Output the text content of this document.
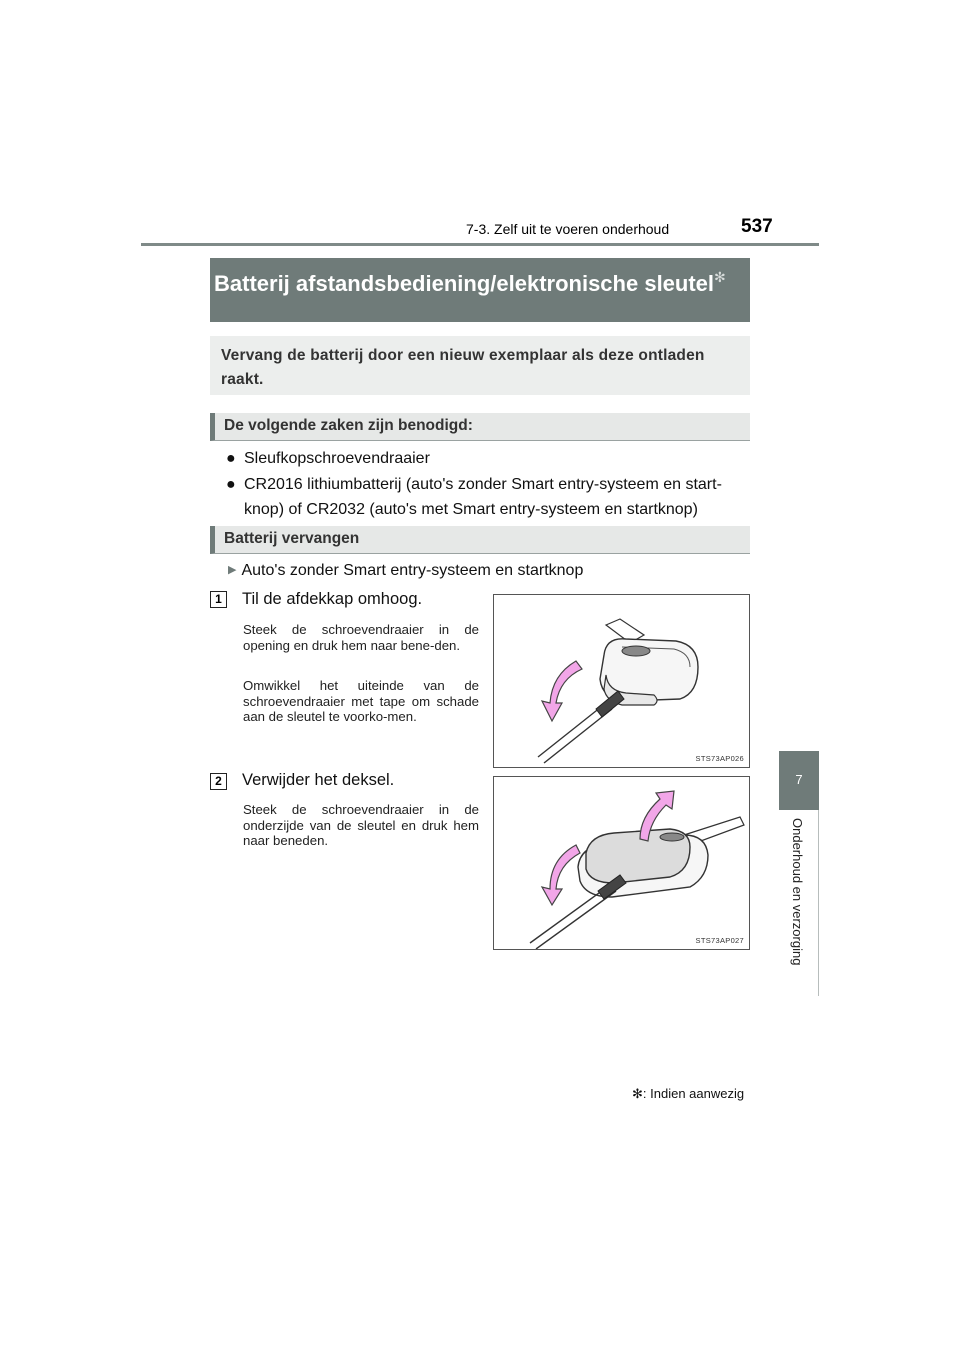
7-3. Zelf uit te voeren onderhoud	537
7
Onderhoud en verzorging
Batterij afstandsbediening/elektronische sleutel✻
Vervang de batterij door een nieuw exemplaar als deze ontladen raakt.
De volgende zaken zijn benodigd:
● Sleufkopschroevendraaier
● CR2016 lithiumbatterij (auto's zonder Smart entry-systeem en start-
knop) of CR2032 (auto's met Smart entry-systeem en startknop)
Batterij vervangen
▶ Auto's zonder Smart entry-systeem en startknop
1	Til de afdekkap omhoog.
Steek de schroevendraaier in de opening en druk hem naar bene-den.
Omwikkel het uiteinde van de schroevendraaier met tape om schade aan de sleutel te voorko-men.
STS73AP026
2	Verwijder het deksel.
Steek de schroevendraaier in de onderzijde van de sleutel en druk hem naar beneden.
STS73AP027
✻: Indien aanwezig
